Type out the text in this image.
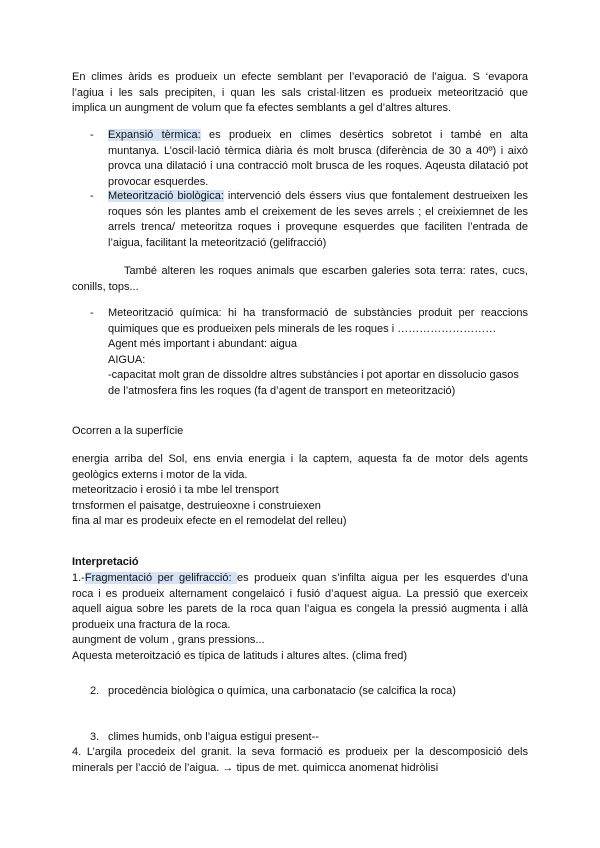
En climes àrids es produeix un efecte semblant per l’evaporació de l’aigua. S ‘evapora
l’agiua i les sals precipiten, i quan les sals cristal·litzen es produeix meteorització que
implica un aungment de volum que fa efectes semblants a gel d’altres altures.
- Expansió tèrmica: es produeix en climes desèrtics sobretot i també en alta
muntanya. L’oscil·lació tèrmica diària és molt brusca (diferència de 30 a 40º) i això
provca una dilatació i una contracció molt brusca de les roques. Aqeusta dilatació pot
provocar esquerdes.
- Meteorització biològica: intervenció dels éssers vius que fontalement destrueixen les
roques són les plantes amb el creixement de les seves arrels ; el creixiemnet de les
arrels trenca/ meteoritza roques i provequne esquerdes que faciliten l’entrada de
l’aigua, facilitant la meteorització (gelifracció)
També alteren les roques animals que escarben galeries sota terra: rates, cucs,
conills, tops...
- Meteorització química: hi ha transformació de substàncies produit per reaccions
quimiques que es produeixen pels minerals de les roques i ………………………
Agent més important i abundant: aigua
AIGUA:
-capacitat molt gran de dissoldre altres substàncies i pot aportar en dissolucio gasos
de l’atmosfera fins les roques (fa d’agent de transport en meteorització)
Ocorren a la superfície
energia arriba del Sol, ens envia energia i la captem, aquesta fa de motor dels agents
geològics externs i motor de la vida.
meteoritzacio i erosió i ta mbe lel trensport
trnsformen el paisatge, destruieoxne i construiexen
fina al mar es prodeuix efecte en el remodelat del relleu)
Interpretació
1.-Fragmentació per gelifracció: es produeix quan s’infilta aigua per les esquerdes d’una
roca i es produeix alternament congelaicó i fusió d’aquest aigua. La pressió que exerceix
aquell aigua sobre les parets de la roca quan l’aigua es congela la pressió augmenta i allà
produeix una fractura de la roca.
aungment de volum , grans pressions...
Aquesta meteroització es típica de latituds i altures altes. (clima fred)
2. procedència biològica o química, una carbonatacio (se calcifica la roca)
3. climes humids, onb l’aigua estigui present--
4. L’argila procedeix del granit. la seva formació es produeix per la descomposició dels
minerals per l’acció de l’aigua. → tipus de met. quimicca anomenat hidròlisi
